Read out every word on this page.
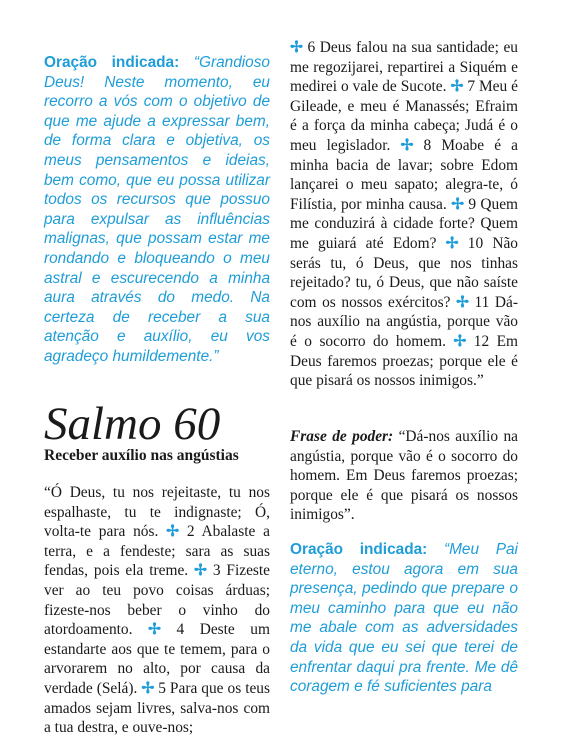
Oração indicada: “Grandioso Deus! Neste momento, eu recorro a vós com o objetivo de que me ajude a expressar bem, de forma clara e objetiva, os meus pensamentos e ideias, bem como, que eu possa utilizar todos os recursos que possuo para expulsar as influências malignas, que possam estar me rondando e bloqueando o meu astral e escurecendo a minha aura através do medo. Na certeza de receber a sua atenção e auxílio, eu vos agradeço humildemente.”
Salmo 60
Receber auxílio nas angústias

“Ó Deus, tu nos rejeitaste, tu nos espalhaste, tu te indignaste; Ó, volta-te para nós. ✢ 2 Abalaste a terra, e a fendeste; sara as suas fendas, pois ela treme. ✢ 3 Fizeste ver ao teu povo coisas árduas; fizeste-nos beber o vinho do atordoamento. ✢ 4 Deste um estandarte aos que te temem, para o arvorarem no alto, por causa da verdade (Selá). ✢ 5 Para que os teus amados sejam livres, salva-nos com a tua destra, e ouve-nos;

✢ 6 Deus falou na sua santidade; eu me regozijarei, repartirei a Siquém e medirei o vale de Sucote. ✢ 7 Meu é Gileade, e meu é Manassés; Efraim é a força da minha cabeça; Judá é o meu legislador. ✢ 8 Moabe é a minha bacia de lavar; sobre Edom lançarei o meu sapato; alegra-te, ó Filístia, por minha causa. ✢ 9 Quem me conduzirá à cidade forte? Quem me guiará até Edom? ✢ 10 Não serás tu, ó Deus, que nos tinhas rejeitado? tu, ó Deus, que não saíste com os nossos exércitos? ✢ 11 Dá-nos auxílio na angústia, porque vão é o socorro do homem. ✢ 12 Em Deus faremos proezas; porque ele é que pisará os nossos inimigos.”

Frase de poder: “Dá-nos auxílio na angústia, porque vão é o socorro do homem. Em Deus faremos proezas; porque ele é que pisará os nossos inimigos”.

Oração indicada: “Meu Pai eterno, estou agora em sua presença, pedindo que prepare o meu caminho para que eu não me abale com as adversidades da vida que eu sei que terei de enfrentar daqui pra frente. Me dê coragem e fé suficientes para
